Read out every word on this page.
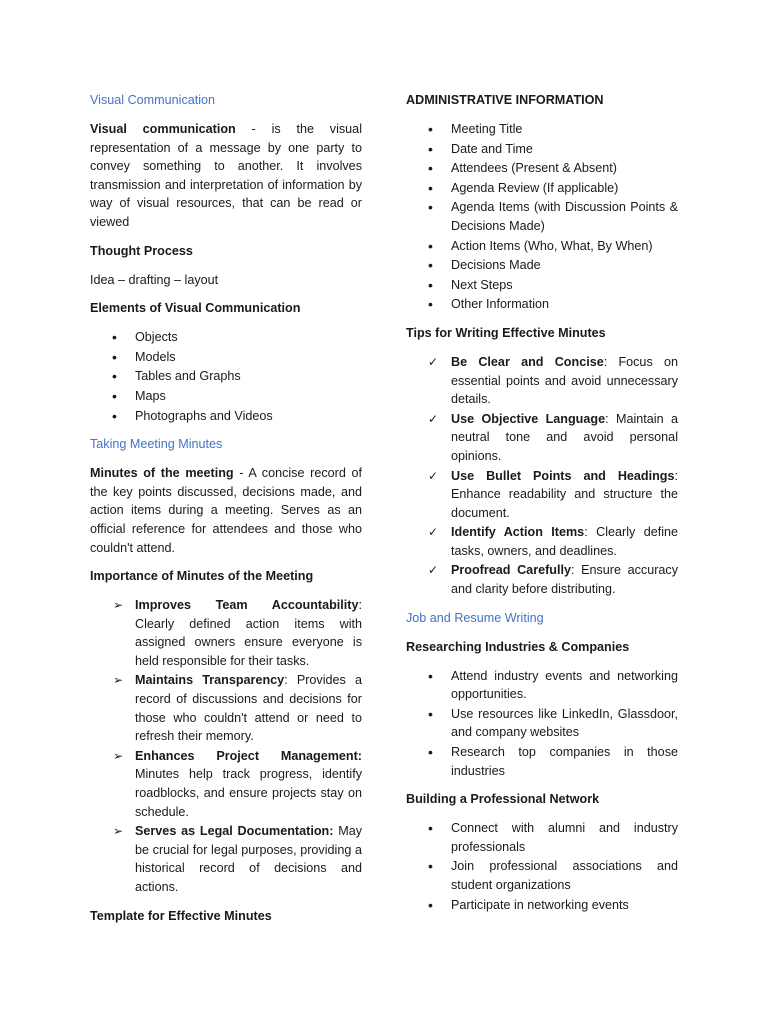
Visual Communication

Visual communication - is the visual representation of a message by one party to convey something to another. It involves transmission and interpretation of information by way of visual resources, that can be read or viewed

Thought Process

Idea – drafting – layout

Elements of Visual Communication
• Objects
• Models
• Tables and Graphs
• Maps
• Photographs and Videos
Taking Meeting Minutes

Minutes of the meeting - A concise record of the key points discussed, decisions made, and action items during a meeting. Serves as an official reference for attendees and those who couldn't attend.

Importance of Minutes of the Meeting
➢ Improves Team Accountability: Clearly defined action items with assigned owners ensure everyone is held responsible for their tasks.
➢ Maintains Transparency: Provides a record of discussions and decisions for those who couldn't attend or need to refresh their memory.
➢ Enhances Project Management: Minutes help track progress, identify roadblocks, and ensure projects stay on schedule.
➢ Serves as Legal Documentation: May be crucial for legal purposes, providing a historical record of decisions and actions.
Template for Effective Minutes
ADMINISTRATIVE INFORMATION
• Meeting Title
• Date and Time
• Attendees (Present & Absent)
• Agenda Review (If applicable)
• Agenda Items (with Discussion Points & Decisions Made)
• Action Items (Who, What, By When)
• Decisions Made
• Next Steps
• Other Information
Tips for Writing Effective Minutes
✓ Be Clear and Concise: Focus on essential points and avoid unnecessary details.
✓ Use Objective Language: Maintain a neutral tone and avoid personal opinions.
✓ Use Bullet Points and Headings: Enhance readability and structure the document.
✓ Identify Action Items: Clearly define tasks, owners, and deadlines.
✓ Proofread Carefully: Ensure accuracy and clarity before distributing.
Job and Resume Writing
Researching Industries & Companies
• Attend industry events and networking opportunities.
• Use resources like LinkedIn, Glassdoor, and company websites
• Research top companies in those industries
Building a Professional Network
• Connect with alumni and industry professionals
• Join professional associations and student organizations
• Participate in networking events
